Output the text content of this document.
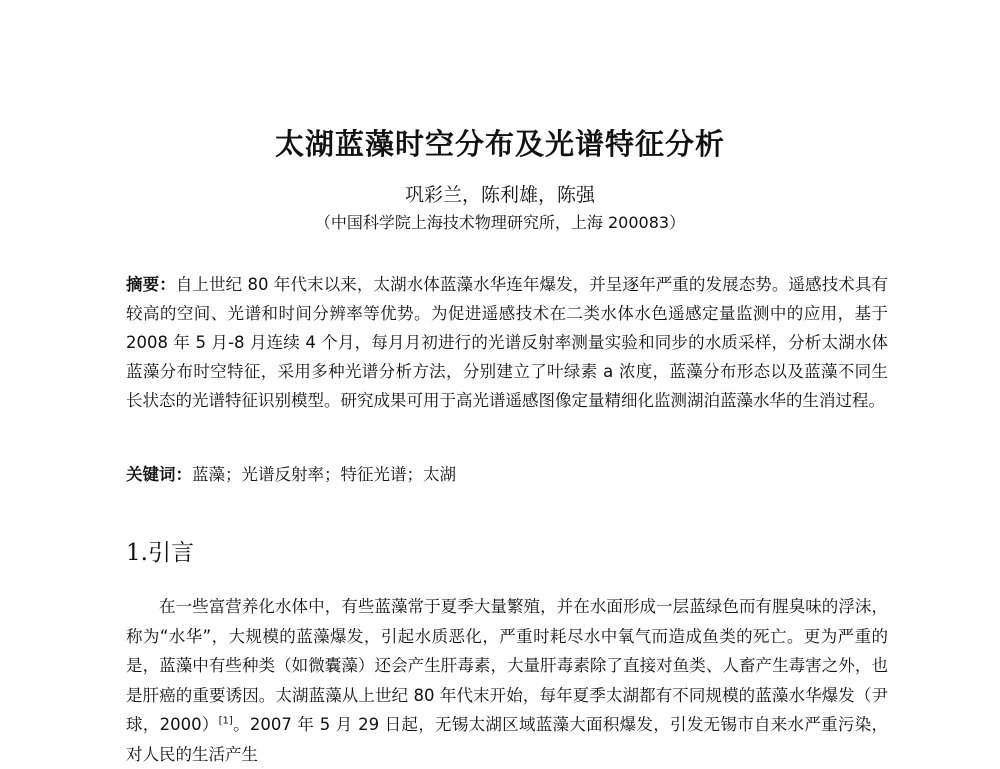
太湖蓝藻时空分布及光谱特征分析
巩彩兰，陈利雄，陈强
（中国科学院上海技术物理研究所，上海 200083）
摘要：自上世纪 80 年代末以来，太湖水体蓝藻水华连年爆发，并呈逐年严重的发展态势。遥感技术具有较高的空间、光谱和时间分辨率等优势。为促进遥感技术在二类水体水色遥感定量监测中的应用，基于 2008 年 5 月-8 月连续 4 个月，每月月初进行的光谱反射率测量实验和同步的水质采样，分析太湖水体蓝藻分布时空特征，采用多种光谱分析方法，分别建立了叶绿素 a 浓度，蓝藻分布形态以及蓝藻不同生长状态的光谱特征识别模型。研究成果可用于高光谱遥感图像定量精细化监测湖泊蓝藻水华的生消过程。
关键词：蓝藻；光谱反射率；特征光谱；太湖
1.引言
在一些富营养化水体中，有些蓝藻常于夏季大量繁殖，并在水面形成一层蓝绿色而有腥臭味的浮沫，称为“水华”，大规模的蓝藻爆发，引起水质恶化，严重时耗尽水中氧气而造成鱼类的死亡。更为严重的是，蓝藻中有些种类（如微囊藻）还会产生肝毒素，大量肝毒素除了直接对鱼类、人畜产生毒害之外，也是肝癌的重要诱因。太湖蓝藻从上世纪 80 年代末开始，每年夏季太湖都有不同规模的蓝藻水华爆发（尹球，2000）[1]。2007 年 5 月 29 日起，无锡太湖区域蓝藻大面积爆发，引发无锡市自来水严重污染，对人民的生活产生
